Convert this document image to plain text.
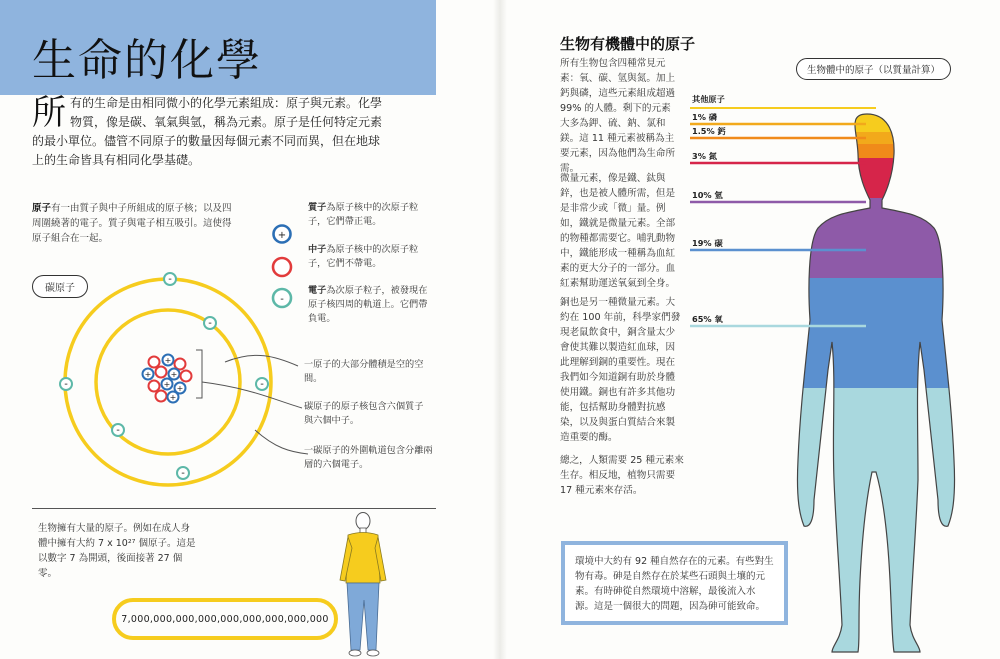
生命的化學
所有的生命是由相同微小的化學元素組成：原子與元素。化學物質，像是碳、氧氣與氫，稱為元素。原子是任何特定元素的最小單位。儘管不同原子的數量因每個元素不同而異，但在地球上的生命皆具有相同化學基礎。
原子有一由質子與中子所組成的原子核；以及四周圍繞著的電子。質子與電子相互吸引。這使得原子組合在一起。	+
-
質子為原子核中的次原子粒子，它們帶正電。
中子為原子核中的次原子粒子，它們不帶電。
電子為次原子粒子，被發現在原子核四周的軌道上。它們帶負電。
碳原子
-
-
-	-
-
-
+
+ +
+ +
+
一原子的大部分體積是空的空間。
碳原子的原子核包含六個質子與六個中子。
一碳原子的外圍軌道包含分離兩層的六個電子。
生物擁有大量的原子。例如在成人身體中擁有大約 7 x 10²⁷ 個原子。這是以數字 7 為開頭，後面接著 27 個零。
7,000,000,000,000,000,000,000,000,000
生物有機體中的原子
所有生物包含四種常見元素：氧、碳、氫與氮。加上鈣與磷，這些元素組成超過 99% 的人體。剩下的元素大多為鉀、硫、鈉、氯和鎂。這 11 種元素被稱為主要元素，因為他們為生命所需。
微量元素，像是鐵、鈦與鋅，也是被人體所需，但是是非常少或「微」量。例如，鐵就是微量元素。全部的物種都需要它。哺乳動物中，鐵能形成一種稱為血紅素的更大分子的一部分。血紅素幫助運送氧氣到全身。
銅也是另一種微量元素。大約在 100 年前，科學家們發現老鼠飲食中，銅含量太少會使其難以製造紅血球，因此理解到銅的重要性。現在我們如今知道銅有助於身體使用鐵。銅也有許多其他功能，包括幫助身體對抗感染，以及與蛋白質結合來製造重要的酶。
總之，人類需要 25 種元素來生存。相反地，植物只需要 17 種元素來存活。
環境中大約有 92 種自然存在的元素。有些對生物有毒。砷是自然存在於某些石頭與土壤的元素。有時砷從自然環境中溶解，最後流入水源。這是一個很大的問題，因為砷可能致命。
生物體中的原子（以質量計算）
其他原子
1% 磷
1.5% 鈣
3% 氮
10% 氫
19% 碳
65% 氧
